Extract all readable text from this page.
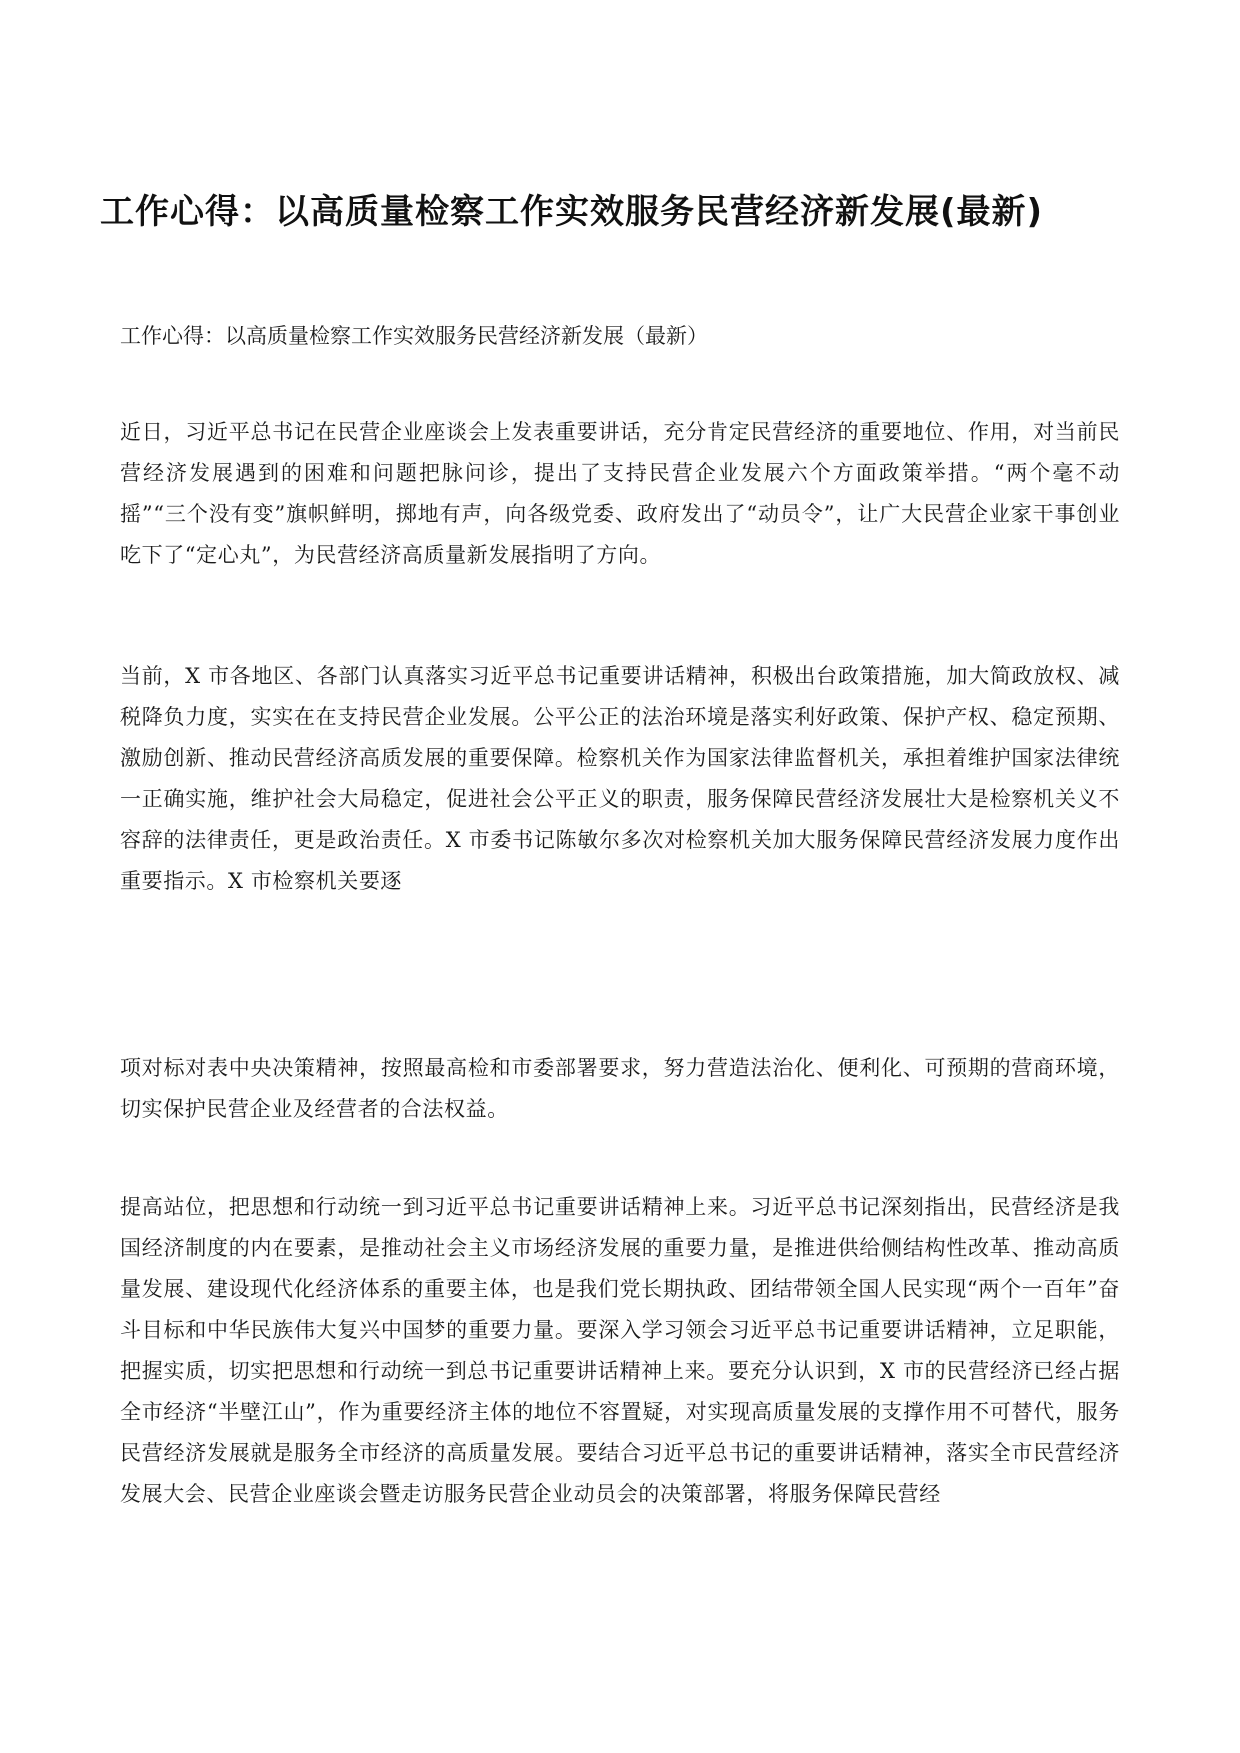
工作心得：以高质量检察工作实效服务民营经济新发展(最新)

工作心得：以高质量检察工作实效服务民营经济新发展（最新）

近日，习近平总书记在民营企业座谈会上发表重要讲话，充分肯定民营经济的重要地位、作用，对当前民营经济发展遇到的困难和问题把脉问诊，提出了支持民营企业发展六个方面政策举措。“两个毫不动摇”“三个没有变”旗帜鲜明，掷地有声，向各级党委、政府发出了“动员令”，让广大民营企业家干事创业吃下了“定心丸”，为民营经济高质量新发展指明了方向。

当前，X 市各地区、各部门认真落实习近平总书记重要讲话精神，积极出台政策措施，加大简政放权、减税降负力度，实实在在支持民营企业发展。公平公正的法治环境是落实利好政策、保护产权、稳定预期、激励创新、推动民营经济高质发展的重要保障。检察机关作为国家法律监督机关，承担着维护国家法律统一正确实施，维护社会大局稳定，促进社会公平正义的职责，服务保障民营经济发展壮大是检察机关义不容辞的法律责任，更是政治责任。X 市委书记陈敏尔多次对检察机关加大服务保障民营经济发展力度作出重要指示。X 市检察机关要逐

项对标对表中央决策精神，按照最高检和市委部署要求，努力营造法治化、便利化、可预期的营商环境，切实保护民营企业及经营者的合法权益。

提高站位，把思想和行动统一到习近平总书记重要讲话精神上来。习近平总书记深刻指出，民营经济是我国经济制度的内在要素，是推动社会主义市场经济发展的重要力量，是推进供给侧结构性改革、推动高质量发展、建设现代化经济体系的重要主体，也是我们党长期执政、团结带领全国人民实现“两个一百年”奋斗目标和中华民族伟大复兴中国梦的重要力量。要深入学习领会习近平总书记重要讲话精神，立足职能，把握实质，切实把思想和行动统一到总书记重要讲话精神上来。要充分认识到，X 市的民营经济已经占据全市经济“半壁江山”，作为重要经济主体的地位不容置疑，对实现高质量发展的支撑作用不可替代，服务民营经济发展就是服务全市经济的高质量发展。要结合习近平总书记的重要讲话精神，落实全市民营经济发展大会、民营企业座谈会暨走访服务民营企业动员会的决策部署，将服务保障民营经
